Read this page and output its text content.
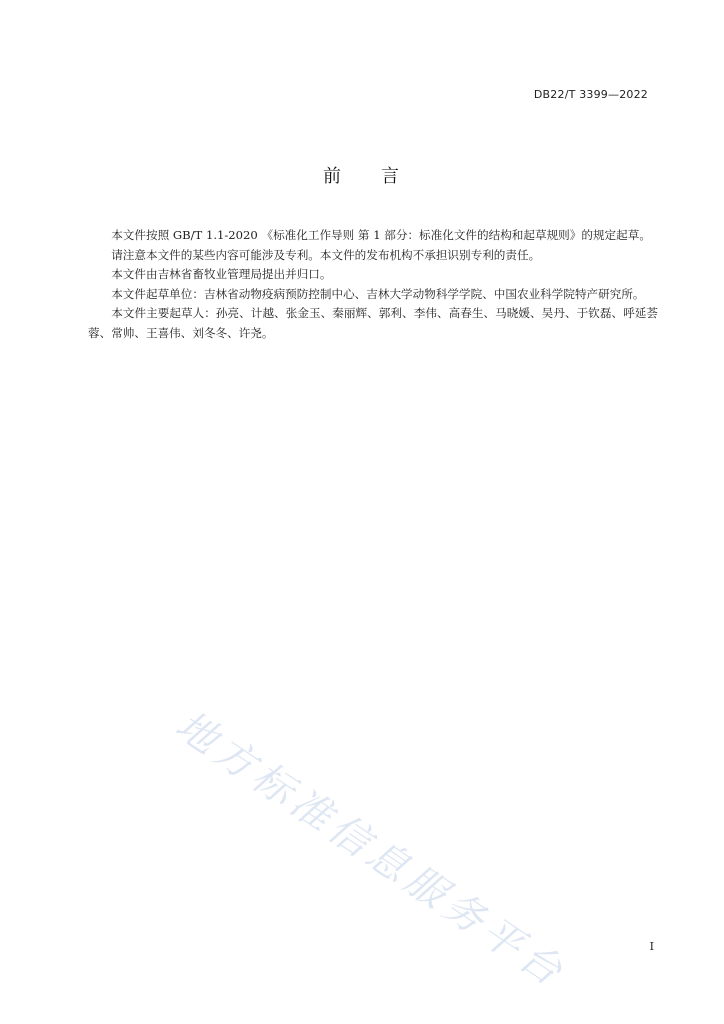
DB22/T 3399—2022
前 言

本文件按照 GB/T 1.1-2020 《标准化工作导则 第 1 部分：标准化文件的结构和起草规则》的规定起草。

请注意本文件的某些内容可能涉及专利。本文件的发布机构不承担识别专利的责任。

本文件由吉林省畜牧业管理局提出并归口。

本文件起草单位：吉林省动物疫病预防控制中心、吉林大学动物科学学院、中国农业科学院特产研究所。

本文件主要起草人：孙亮、计越、张金玉、秦丽辉、郭利、李伟、高春生、马晓媛、吴丹、于钦磊、呼延荟蓉、常帅、王喜伟、刘冬冬、许尧。

地方标准信息服务平台	I
